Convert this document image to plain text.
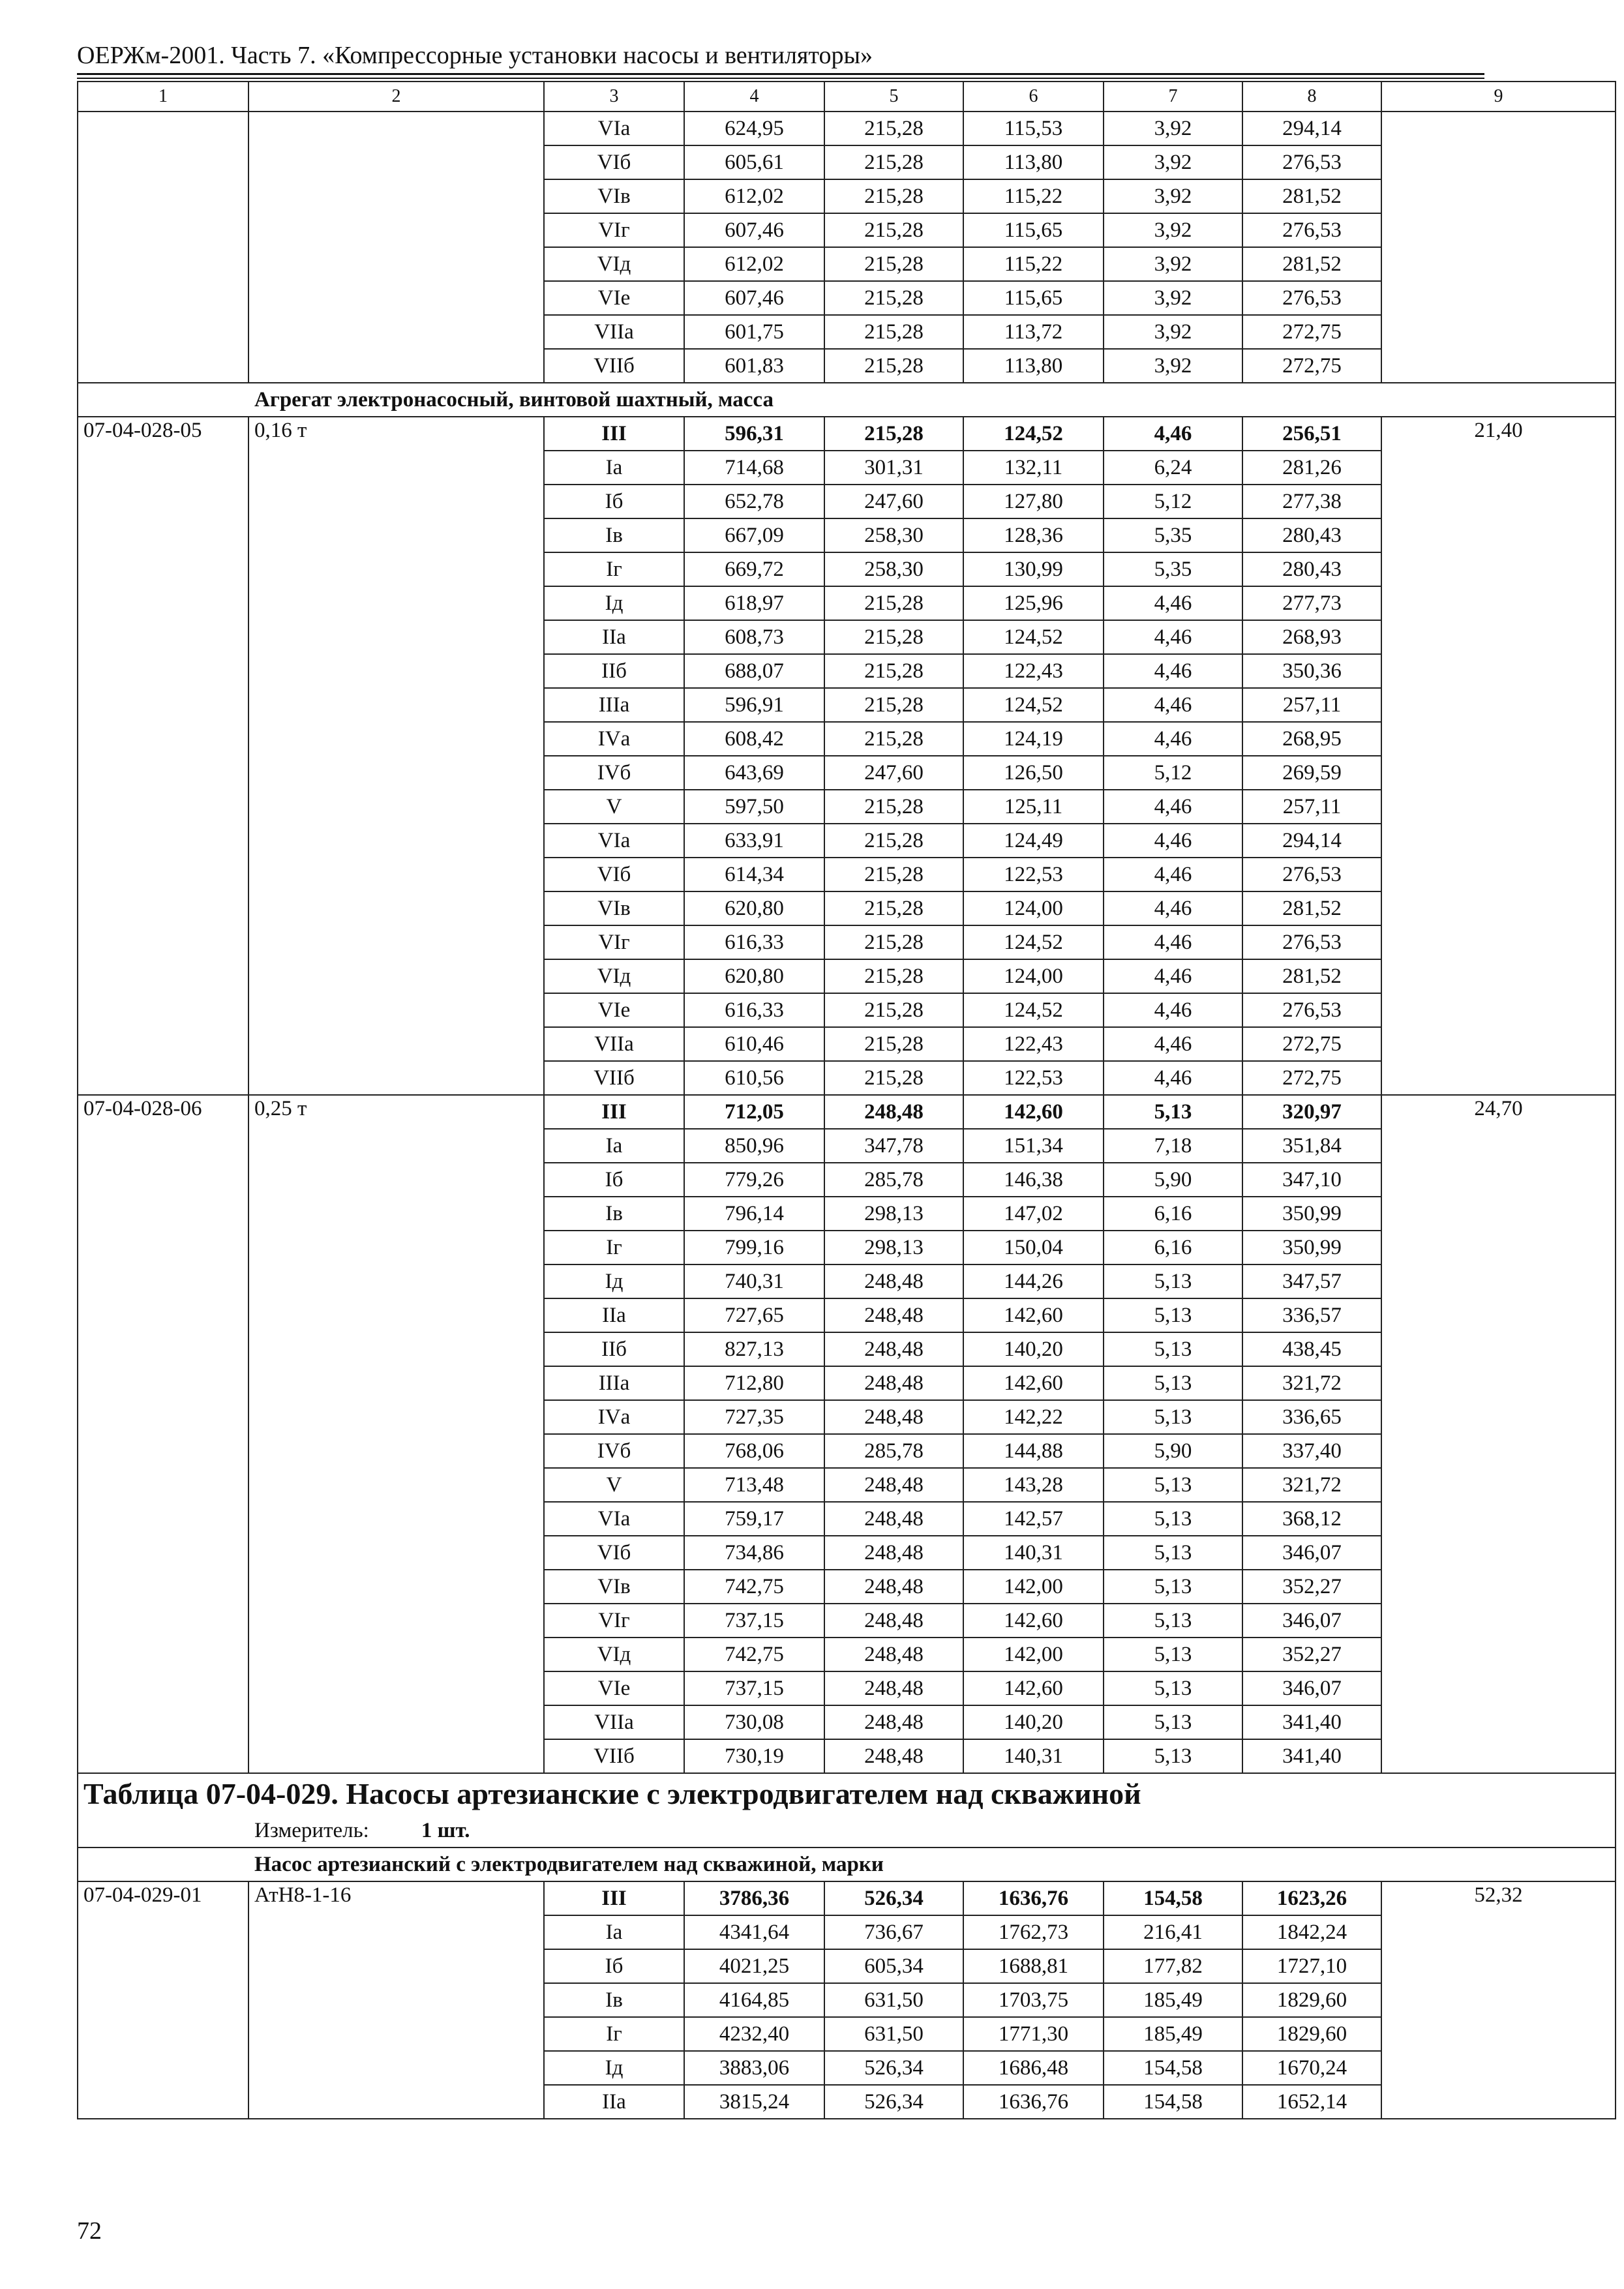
ОЕРЖм-2001. Часть 7. «Компрессорные установки насосы и вентиляторы»
1	2	3	4	5	6	7	8	9
		VIа	624,95	215,28	115,53	3,92	294,14	
		VIб	605,61	215,28	113,80	3,92	276,53	
		VIв	612,02	215,28	115,22	3,92	281,52	
		VIг	607,46	215,28	115,65	3,92	276,53	
		VIд	612,02	215,28	115,22	3,92	281,52	
		VIе	607,46	215,28	115,65	3,92	276,53	
		VIIа	601,75	215,28	113,72	3,92	272,75	
		VIIб	601,83	215,28	113,80	3,92	272,75	
Агрегат электронасосный, винтовой шахтный, масса								
07-04-028-05	0,16 т	III	596,31	215,28	124,52	4,46	256,51	21,40
		Iа	714,68	301,31	132,11	6,24	281,26	
		Iб	652,78	247,60	127,80	5,12	277,38	
		Iв	667,09	258,30	128,36	5,35	280,43	
		Iг	669,72	258,30	130,99	5,35	280,43	
		Iд	618,97	215,28	125,96	4,46	277,73	
		IIа	608,73	215,28	124,52	4,46	268,93	
		IIб	688,07	215,28	122,43	4,46	350,36	
		IIIа	596,91	215,28	124,52	4,46	257,11	
		IVа	608,42	215,28	124,19	4,46	268,95	
		IVб	643,69	247,60	126,50	5,12	269,59	
		V	597,50	215,28	125,11	4,46	257,11	
		VIа	633,91	215,28	124,49	4,46	294,14	
		VIб	614,34	215,28	122,53	4,46	276,53	
		VIв	620,80	215,28	124,00	4,46	281,52	
		VIг	616,33	215,28	124,52	4,46	276,53	
		VIд	620,80	215,28	124,00	4,46	281,52	
		VIе	616,33	215,28	124,52	4,46	276,53	
		VIIа	610,46	215,28	122,43	4,46	272,75	
		VIIб	610,56	215,28	122,53	4,46	272,75	
07-04-028-06	0,25 т	III	712,05	248,48	142,60	5,13	320,97	24,70
		Iа	850,96	347,78	151,34	7,18	351,84	
		Iб	779,26	285,78	146,38	5,90	347,10	
		Iв	796,14	298,13	147,02	6,16	350,99	
		Iг	799,16	298,13	150,04	6,16	350,99	
		Iд	740,31	248,48	144,26	5,13	347,57	
		IIа	727,65	248,48	142,60	5,13	336,57	
		IIб	827,13	248,48	140,20	5,13	438,45	
		IIIа	712,80	248,48	142,60	5,13	321,72	
		IVа	727,35	248,48	142,22	5,13	336,65	
		IVб	768,06	285,78	144,88	5,90	337,40	
		V	713,48	248,48	143,28	5,13	321,72	
		VIа	759,17	248,48	142,57	5,13	368,12	
		VIб	734,86	248,48	140,31	5,13	346,07	
		VIв	742,75	248,48	142,00	5,13	352,27	
		VIг	737,15	248,48	142,60	5,13	346,07	
		VIд	742,75	248,48	142,00	5,13	352,27	
		VIе	737,15	248,48	142,60	5,13	346,07	
		VIIа	730,08	248,48	140,20	5,13	341,40	
		VIIб	730,19	248,48	140,31	5,13	341,40	
Таблица 07-04-029. Насосы артезианские с электродвигателем над скважиной								
Измеритель: 1 шт.								
Насос артезианский с электродвигателем над скважиной, марки								
07-04-029-01	АтН8-1-16	III	3786,36	526,34	1636,76	154,58	1623,26	52,32
		Iа	4341,64	736,67	1762,73	216,41	1842,24	
		Iб	4021,25	605,34	1688,81	177,82	1727,10	
		Iв	4164,85	631,50	1703,75	185,49	1829,60	
		Iг	4232,40	631,50	1771,30	185,49	1829,60	
		Iд	3883,06	526,34	1686,48	154,58	1670,24	
		IIа	3815,24	526,34	1636,76	154,58	1652,14	
72
